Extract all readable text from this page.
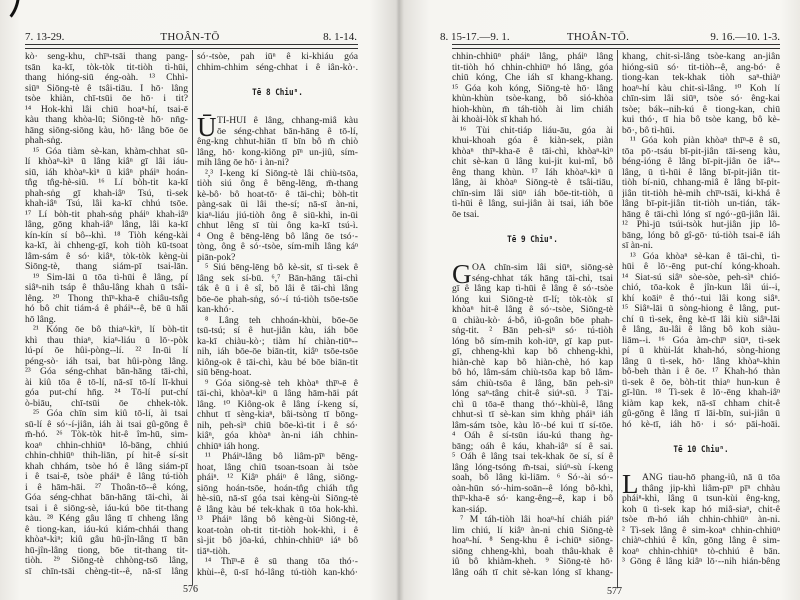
7. 13-29.	THOÂN-TŌ	8. 1-14.
kò· seng-khu, chīⁿ-tsāi thang pang-
tsān ka-kī, tòk-tòk tit-tiòh tì-hūi,
thang hióng-siū éng-oàh. ¹³ Chhì-
siūⁿ Siōng-tè ê tsâi-tiāu. I hō· lâng
tsòe khiàn, chī-tsūi ōe hō· i tit?
¹⁴ Hok-khì lâi chiū hoaⁿ-hí, tsai-ē
kàu thang khòa-lū; Siōng-tè hō· nn̄g-
hāng siōng-siōng kàu, hō· lâng bōe ōe
phah-sṅg.
¹⁵ Góa tiàm sè-kan, khàm-chhat sū-
lí khòaⁿ-kìⁿ ū lâng kiâⁿ gī lâi iáu-
siū, iáh khòaⁿ-kìⁿ ū kiâⁿ pháiⁿ hoán-
tn̂g tn̂g-hè-siū. ¹⁶ Lí bòh-tit ka-kī
phah-sṅg gī khah-iâⁿ Tsú, tì-sek
khah-iâⁿ Tsú, lâi ka-kī chhú tsōe.
¹⁷ Lí bòh-tit phah-sṅg pháiⁿ khah-iâⁿ
lâng, gōng khah-iâⁿ lâng, lâi ka-kī
kín-kín sí bô--khì. ¹⁸ Tiòh kéng-kài
ka-kī, ài chheng-gī, koh tiòh kū-tsoat
lâm-sám ê só· kiâⁿ, tòk-tòk kèng-ùi
Siōng-tè, thang siám-pī tsai-lān.
¹⁹ Sim-lāi ū tōa tì-hūi ê lâng, pí
siâⁿ-nih tsáp ê thâu-lâng khah ū tsâi-
lêng. ²⁰ Thong thīⁿ-kha-ē chiâu-tsn̂g
hó bô chit tiám-á ê pháiⁿ--ê, bē ū hāi
hō lâng.
²¹ Kóng ōe bô thiaⁿ-kìⁿ, lí bòh-tit
khì thau thiaⁿ, kiaⁿ-liáu ū lō·-pòk
lú-pí ōe hûi-pòng--lí. ²² In-ūi lí
péng-sò· iáh tsai, bat hûi-pòng lâng.
²³ Góa séng-chhat bān-hāng tāi-chì,
ài kiû tōa ê tō-lí, nā-sī tō-lí lī-khui
góa put-chí hn̄g. ²⁴ Tō-lí put-chí
ò-biāu, chī-tsūi ōe chhek-tòk.
²⁵ Góa chīn sim kiû tō-lí, ài tsai
sū-lí ê só·-í-jiân, iáh ài tsai gû-gōng ê
m̄-hó. ²⁶ Tòk-tòk hit-ê îm-hū, sim-
koaⁿ chhin-chhiūⁿ lô-bāng, chhiú
chhin-chhiūⁿ thih-liān, pí hit-ê sí-sit
khah chhám, tsòe hó ê lâng siám-pī
i ê tsai-ē, tsòe pháiⁿ ê lâng tú-tiòh
i ê hām-hāi. ²⁷ Thoân-tō--ê kóng,
Góa séng-chhat bān-hāng tāi-chì, ài
tsai i ê siōng-sè, iáu-kú bōe tit-thang
kàu. ²⁸ Kéng gâu lâng tī chheng lâng
ê tiong-kan, iáu-kú kiám-chhái thang
khòaⁿ-kìⁿ; kiû gâu hū-jîn-lâng tī bān
hū-jîn-lâng tiong, bōe tit-thang tit-
tiòh. ²⁹ Siōng-tè chhòng-tsō lâng,
sī chīn-tsāi chèng-tit--ê, nā-sī lâng
só·-tsòe, pah iūⁿ ê ki-khiáu góa
chhim-chhim séng-chhat i ê iân-kò·.
Tē 8 Chiuⁿ.
Ū TÌ-HŪI ê lâng, chhang-miâ kàu
ōe séng-chhat bān-hāng ê tō-lí,
êng-kng chhut-hiān tī bīn bô m̄ chiò
lâng, hō· kong-kiōng pīⁿ un-jiû, sím-
mih lâng ōe hō· i àn-ni?
²,³ Ī-keng kí Siōng-tè lâi chiù-tsōa,
tiòh siú ông ê bēng-lēng, m̄-thang
kè-bô· bô hoat-tō· ê tāi-chì; bòh-tit
pàng-sak ūi lâi the-sí; nā-sī àn-ni,
kiaⁿ-liáu jiú-tiòh ông ê siū-khì, in-ūi
chhut lêng sī tùi ông ka-kī tsú-ì.
⁴ Ông ê bēng-lēng bô lâng ōe tsó·-
tòng, ông ê só·-tsòe, sím-mih lâng káⁿ
piān-pok?
⁵ Siú bēng-lēng bô kè-sit, sī tì-sek ê
lâng sek sí-bū. ⁶,⁷ Bān-hāng tāi-chì
ták ê ū i ê sî, bō lâi ê tāi-chì lâng
bōe-ōe phah-sṅg, só·-í tú-tiòh tsōe-tsōe
kan-khó·.
⁸ Lâng teh chhoán-khùi, bōe-ōe
tsū-tsú; sí ê hut-jiân kàu, iáh bōe
ka-kī chiàu-kò·; tiàm hí chiàn-tiūⁿ--
nih, iáh bōe-ōe biān-tit, kiâⁿ tsōe-tsōe
kiông-ok ê tāi-chì, kàu bé bōe biān-tit
siū bēng-hoat.
⁹ Góa siōng-sè teh khòaⁿ thīⁿ-ē ê
tāi-chì, khòaⁿ-kìⁿ ū lâng hām-hāi pát
lâng. ¹⁰ Kiông-ok ê lâng í-keng sí,
chhut tī sèng-kiaⁿ, bâi-tsòng tī bōng-
nih, peh-sìⁿ chiū bōe-kì-tit i ê só·
kiâⁿ, góa khòaⁿ àn-ni iáh chhin-
chhiūⁿ iáh hong.
¹¹ Pháiⁿ-lâng bô liâm-pīⁿ bēng-
hoat, lâng chiū tsoan-tsoan ài tsòe
pháiⁿ. ¹² Kiâⁿ pháiⁿ ê lâng, siōng-
siōng hoán-tsōe, hoán-tn̂g chiáh tn̂g
hè-siū, nā-sī góa tsai kèng-ùi Siōng-tè
ê lâng kàu bé tek-khak ū tōa hok-khì.
¹³ Pháiⁿ lâng bô kèng-ùi Siōng-tè,
koat-toàn oh-tit tit-tiòh hok-khì, i ê
sì-jit bô jōa-kú, chhin-chhiūⁿ iáⁿ bô
tiāⁿ-tiòh.
¹⁴ Thīⁿ-ē ê sū thang tōa thó·-
khùi--ê, ū-sī hó-lâng tú-tiòh kan-khó·
576
8. 15-17.—9. 1.	THOÂN-TŌ.	9. 16.—10. 1-3.
chhin-chhiūⁿ pháiⁿ lâng, pháiⁿ lâng
tit-tiòh hó chhin-chhiūⁿ hó lâng, góa
chiū kóng, Che iáh sī khang-khang.
¹⁵ Góa koh kóng, Siōng-tè hō· lâng
khùn-khùn tsòe-kang, bô sió-khòa
hioh-khùn, m̄ táh-tiòh ài lim chiáh
ài khoài-lòk sī khah hó.
¹⁶ Tùi chit-tiáp liáu-āu, góa ài
khui-khoah góa ê kiàn-sek, piàn
khòaⁿ thīⁿ-kha-ē ê tāi-chì, khòaⁿ-kìⁿ
chit sè-kan ū lâng kui-jit kui-mî, bô
êng thang khùn. ¹⁷ Iáh khòaⁿ-kìⁿ ū
lâng, ài khòaⁿ Siōng-tè ê tsâi-tiāu,
chīn-sim lâi siūⁿ iáh bōe-tit-tiòh, ū
tì-hūi ê lâng, sui-jiân ài tsai, iáh bōe
ōe tsai.
Tē 9 Chiuⁿ.
G ÓA chīn-sim lâi siūⁿ, siōng-sè
séng-chhat ták hāng tāi-chì, tsai
gī ê lâng kap tì-hūi ê lâng ê só·-tsòe
lóng kui Siōng-tè tī-lí; tòk-tòk sī
khòaⁿ hit-ê lâng ê só·-tsòe, Siōng-tè
ū chiàu-kò· á-bô, iû-goân bōe phah-
sṅg-tit. ² Bān peh-sìⁿ só· tú-tiòh
lóng bô sím-mih koh-iūⁿ, gī kap put-
gī, chheng-khì kap bô chheng-khì,
hiàn-chè kap bô hiàn-chè, hó kap
bô hó, lâm-sám chiù-tsōa kap bô lâm-
sám chiù-tsōa ê lâng, bān peh-sìⁿ
lóng saⁿ-tâng chit-ê siúⁿ-sū. ³ Tāi-
chì ū tōa-ē thang thó·-khùi-ê, lâng
chhut-sì tī sè-kan sim khǹg pháiⁿ iáh
lâm-sám tsòe, kàu lō·-bé kui tī sí-tōe.
⁴ Oáh ê sí-tsūn iáu-kú thang ǹg-
bāng; oáh ê káu, khah-iâⁿ sí ê sai.
⁵ Oáh ê lâng tsai tek-khak ōe sí, sí ê
lâng lóng-tsóng m̄-tsai, siúⁿ-sù í-keng
soah, bô lâng kì-liām. ⁶ Só·-ài só·-
oàn-hūn só·-him-soān--ê lóng bô-khì,
thīⁿ-kha-ē só· kang-êng--ê, kap i bô
kan-siáp.
⁷ M̄ táh-tiòh lâi hoaⁿ-hí chiáh piáⁿ
lim chiú, lí kiâⁿ àn-ni chiū Siōng-tè
hoaⁿ-hí. ⁸ Seng-khu ê i-chiūⁿ siōng-
siōng chheng-khì, boah thâu-khak ê
iû bô khiàm-kheh. ⁹ Siōng-tè hō·
lâng oáh tī chit sè-kan lóng sī khang-
khang, chit-sì-lâng tsòe-kang an-jiân
hióng-siū só· tit-tiòh--ê, ang-bó· ê
tiong-kan tek-khak tiòh saⁿ-thiàⁿ
hoaⁿ-hí kàu chit-sì-lâng. ¹⁰ Koh lí
chīn-sim lâi siūⁿ, tsòe só· êng-kai
tsòe; bák--nih-kú ê tiong-kan, chiū
kui thó·, tī hia bô tsòe kang, bô kè-
bō·, bô tì-hūi.
¹¹ Góa koh piàn khòaⁿ thīⁿ-ē ê sū,
tōa pō·-tsáu bī-pit-jiân tāi-seng kàu,
béng-ióng ê lâng bī-pit-jiân ōe iâⁿ--
lâng, ū tì-hūi ê lâng bī-pit-jiân tit-
tiòh bí-niū, chhang-miâ ê lâng bī-pit-
jiân tit-tiòh hè-mih chīⁿ-tsāi, ki-khá ê
lâng bī-pit-jiân tit-tiòh un-tián, ták-
hāng ê tāi-chì lóng sī ngó·-gū-jiân lâi.
¹² Phì-jū tsúi-tsòk hut-jiân jip lô-
bāng, lóng bô gî-gō· tú-tiòh tsai-ē iáh
sī àn-ni.
¹³ Góa khòaⁿ sè-kan ê tāi-chì, tì-
hūi ê lō·-ēng put-chí kóng-khoah.
¹⁴ Siat-sú siâⁿ sòe-sòe, peh-sìⁿ chió-
chió, tōa-kok ê jîn-kun lâi úi--i,
khí koāiⁿ ê thó·-tui lâi kong siâⁿ.
¹⁵ Siâⁿ-lāi ū sòng-hiong ê lâng, put-
chí ū tì-sek, êng kè-tī lâi kiù siâⁿ-lāi
ê lâng, āu-lâi ê lâng bô koh siàu-
liām--i. ¹⁶ Góa àm-chīⁿ siūⁿ, tì-sek
pí ū khùi-lát khah-hó, sòng-hiong
lâng ū tì-sek, hō· lâng khòaⁿ-khin
bô-beh thàn i ê ōe. ¹⁷ Khah-hó thàn
tì-sek ê ōe, bòh-tit thiaⁿ hun-kun ê
gī-lūn. ¹⁸ Tì-sek ê lō·-ēng khah-iâⁿ
kiàm kap kek, nā-sī chham chit-ê
gû-gōng ê lâng tī lāi-bīn, sui-jiân ū
hó kè-tī, iáh hō· i só· pāi-hoāi.
Tē 10 Chiuⁿ.
L ÂNG tiau-hō phang-iû, nā ū tōa
thâng jip-khì liâm-pīⁿ pīⁿ chhàu
pháiⁿ-khì, lâng ū tsun-kùi êng-kng,
koh ū tì-sek kap hó miâ-siaⁿ, chit-ê
tsòe m̄-hó iáh chhin-chhiūⁿ àn-ni.
² Tì-sek lâng ê sim-koaⁿ chhin-chhiūⁿ
chiàⁿ-chhiú ê kîn, gōng lâng ê sim-
koaⁿ chhin-chhiūⁿ tò-chhiú ê bān.
³ Gōng ê lâng kiâⁿ lō·--nih hián-bêng
577
